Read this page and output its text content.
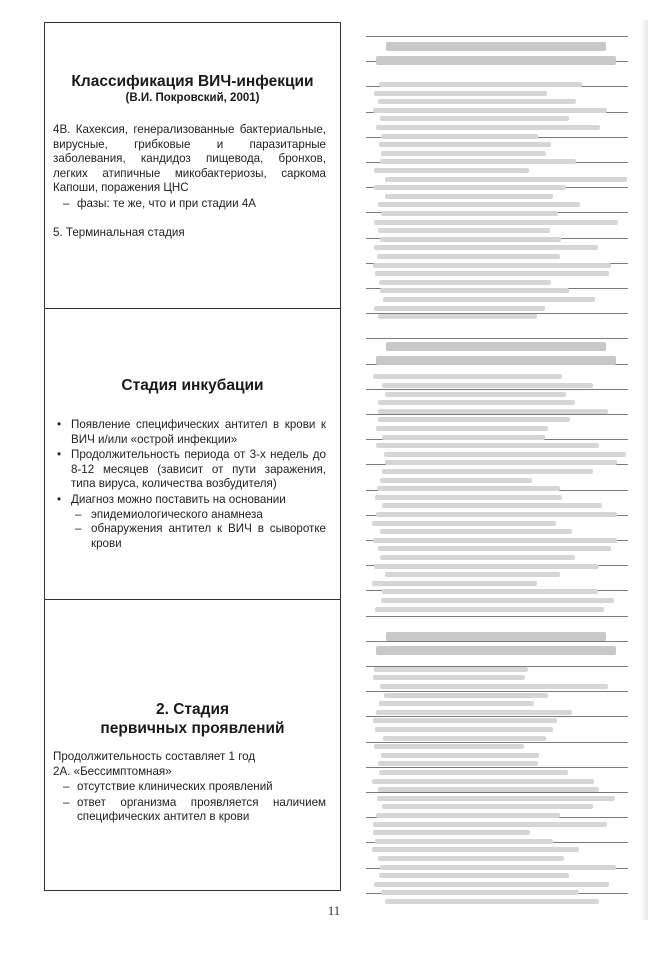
Классификация ВИЧ-инфекции

(В.И. Покровский, 2001)

4В. Кахексия, генерализованные бактериальные, вирусные, грибковые и паразитарные заболевания, кандидоз пищевода, бронхов, легких атипичные микобактериозы, саркома Капоши, поражения ЦНС
– фазы: те же, что и при стадии 4А
5. Терминальная стадия

Стадия инкубации

• Появление специфических антител в крови к ВИЧ и/или «острой инфекции»
• Продолжительность периода от 3-х недель до 8-12 месяцев (зависит от пути заражения, типа вируса, количества возбудителя)
• Диагноз можно поставить на основании
– эпидемиологического анамнеза
– обнаружения антител к ВИЧ в сыворотке крови

2. Стадия

первичных проявлений

Продолжительность составляет 1 год
2А. «Бессимптомная»
– отсутствие клинических проявлений
– ответ организма проявляется наличием специфических антител в крови
11
